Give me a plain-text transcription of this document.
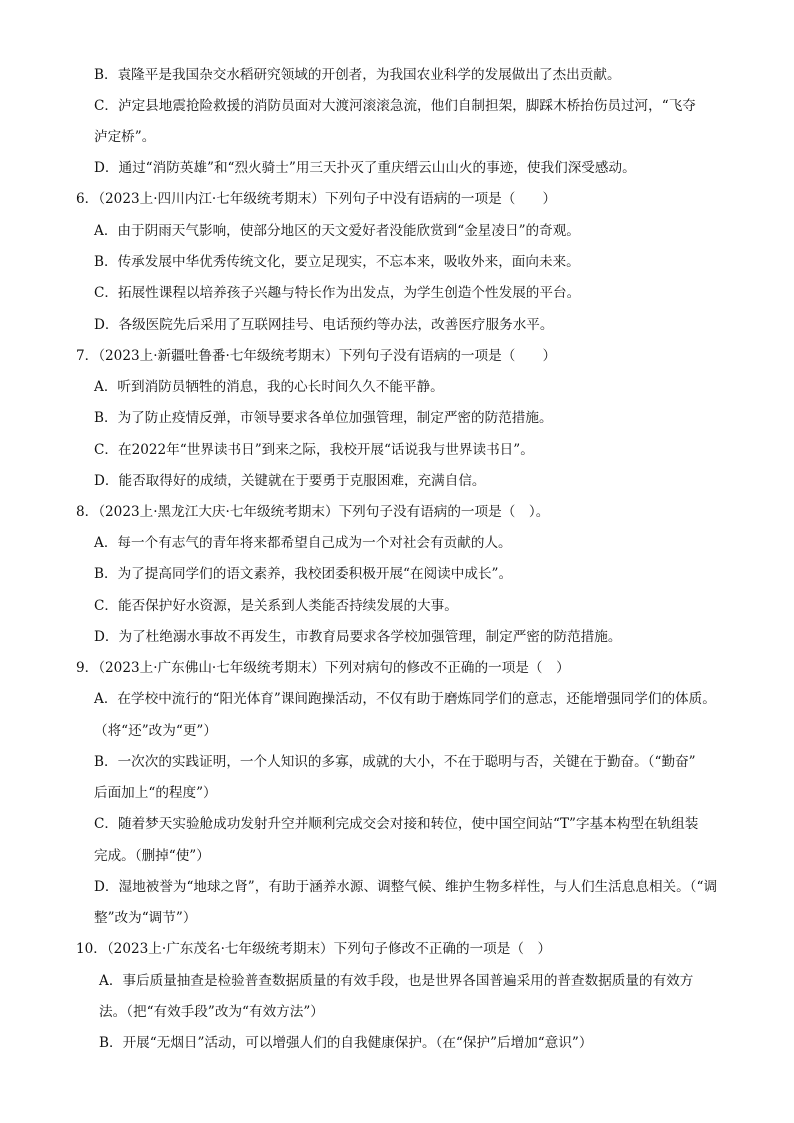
B．袁隆平是我国杂交水稻研究领域的开创者，为我国农业科学的发展做出了杰出贡献。
C．泸定县地震抢险救援的消防员面对大渡河滚滚急流，他们自制担架，脚踩木桥抬伤员过河，“飞夺
泸定桥”。
D．通过“消防英雄”和“烈火骑士”用三天扑灭了重庆缙云山山火的事迹，使我们深受感动。
6．（2023上·四川内江·七年级统考期末）下列句子中没有语病的一项是（　　）
A．由于阴雨天气影响，使部分地区的天文爱好者没能欣赏到“金星凌日”的奇观。
B．传承发展中华优秀传统文化，要立足现实，不忘本来，吸收外来，面向未来。
C．拓展性课程以培养孩子兴趣与特长作为出发点，为学生创造个性发展的平台。
D．各级医院先后采用了互联网挂号、电话预约等办法，改善医疗服务水平。
7．（2023上·新疆吐鲁番·七年级统考期末）下列句子没有语病的一项是（　　）
A．听到消防员牺牲的消息，我的心长时间久久不能平静。
B．为了防止疫情反弹，市领导要求各单位加强管理，制定严密的防范措施。
C．在2022年“世界读书日”到来之际，我校开展“话说我与世界读书日”。
D．能否取得好的成绩，关键就在于要勇于克服困难，充满自信。
8．（2023上·黑龙江大庆·七年级统考期末）下列句子没有语病的一项是（　）。
A．每一个有志气的青年将来都希望自己成为一个对社会有贡献的人。
B．为了提高同学们的语文素养，我校团委积极开展“在阅读中成长”。
C．能否保护好水资源，是关系到人类能否持续发展的大事。
D．为了杜绝溺水事故不再发生，市教育局要求各学校加强管理，制定严密的防范措施。
9．（2023上·广东佛山·七年级统考期末）下列对病句的修改不正确的一项是（　）
A．在学校中流行的“阳光体育”课间跑操活动，不仅有助于磨炼同学们的意志，还能增强同学们的体质。
（将“还”改为“更”）
B．一次次的实践证明，一个人知识的多寡，成就的大小，不在于聪明与否，关键在于勤奋。（“勤奋”
后面加上“的程度”）
C．随着梦天实验舱成功发射升空并顺利完成交会对接和转位，使中国空间站“T”字基本构型在轨组装
完成。（删掉“使”）
D．湿地被誉为“地球之肾”，有助于涵养水源、调整气候、维护生物多样性，与人们生活息息相关。（“调
整”改为“调节”）
10．（2023上·广东茂名·七年级统考期末）下列句子修改不正确的一项是（　）
A．事后质量抽查是检验普查数据质量的有效手段，也是世界各国普遍采用的普查数据质量的有效方
法。（把“有效手段”改为“有效方法”）
B．开展“无烟日”活动，可以增强人们的自我健康保护。（在“保护”后增加“意识”）
